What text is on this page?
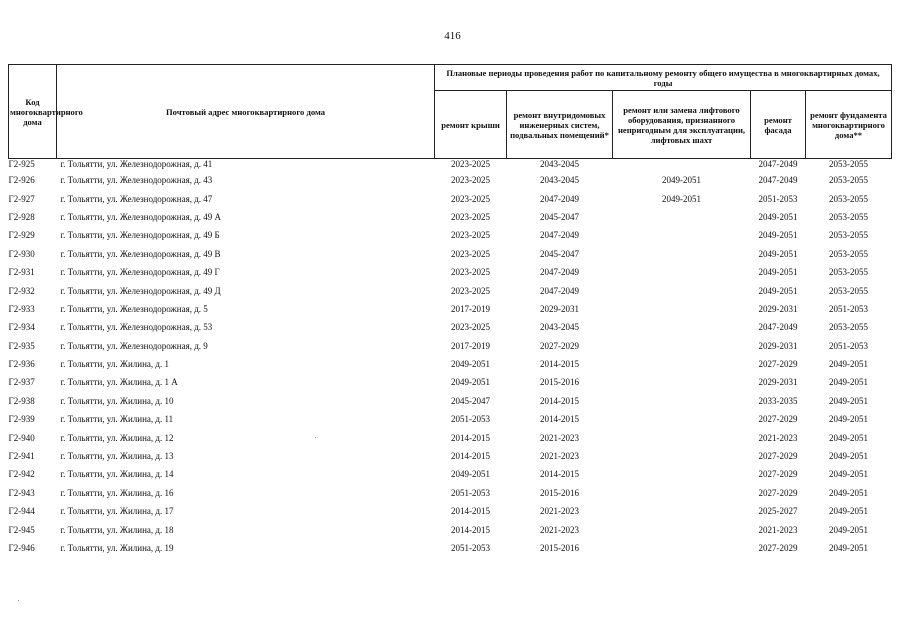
416
Код многоквартирного дома	Почтовый адрес многоквартирного дома	Плановые периоды проведения работ по капитальному ремонту общего имущества в многоквартирных домах, годы				
		ремонт крыши	ремонт внутридомовых инженерных систем, подвальных помещений*	ремонт или замена лифтового оборудования, признанного непригодным для эксплуатации, лифтовых шахт	ремонт фасада	ремонт фундамента многоквартирного дома**
Г2-925	г. Тольятти, ул. Железнодорожная, д. 41	2023-2025	2043-2045		2047-2049	2053-2055
Г2-926	г. Тольятти, ул. Железнодорожная, д. 43	2023-2025	2043-2045	2049-2051	2047-2049	2053-2055
Г2-927	г. Тольятти, ул. Железнодорожная, д. 47	2023-2025	2047-2049	2049-2051	2051-2053	2053-2055
Г2-928	г. Тольятти, ул. Железнодорожная, д. 49 А	2023-2025	2045-2047		2049-2051	2053-2055
Г2-929	г. Тольятти, ул. Железнодорожная, д. 49 Б	2023-2025	2047-2049		2049-2051	2053-2055
Г2-930	г. Тольятти, ул. Железнодорожная, д. 49 В	2023-2025	2045-2047		2049-2051	2053-2055
Г2-931	г. Тольятти, ул. Железнодорожная, д. 49 Г	2023-2025	2047-2049		2049-2051	2053-2055
Г2-932	г. Тольятти, ул. Железнодорожная, д. 49 Д	2023-2025	2047-2049		2049-2051	2053-2055
Г2-933	г. Тольятти, ул. Железнодорожная, д. 5	2017-2019	2029-2031		2029-2031	2051-2053
Г2-934	г. Тольятти, ул. Железнодорожная, д. 53	2023-2025	2043-2045		2047-2049	2053-2055
Г2-935	г. Тольятти, ул. Железнодорожная, д. 9	2017-2019	2027-2029		2029-2031	2051-2053
Г2-936	г. Тольятти, ул. Жилина, д. 1	2049-2051	2014-2015		2027-2029	2049-2051
Г2-937	г. Тольятти, ул. Жилина, д. 1 А	2049-2051	2015-2016		2029-2031	2049-2051
Г2-938	г. Тольятти, ул. Жилина, д. 10	2045-2047	2014-2015		2033-2035	2049-2051
Г2-939	г. Тольятти, ул. Жилина, д. 11	2051-2053	2014-2015		2027-2029	2049-2051
Г2-940	г. Тольятти, ул. Жилина, д. 12	2014-2015	2021-2023		2021-2023	2049-2051
Г2-941	г. Тольятти, ул. Жилина, д. 13	2014-2015	2021-2023		2027-2029	2049-2051
Г2-942	г. Тольятти, ул. Жилина, д. 14	2049-2051	2014-2015		2027-2029	2049-2051
Г2-943	г. Тольятти, ул. Жилина, д. 16	2051-2053	2015-2016		2027-2029	2049-2051
Г2-944	г. Тольятти, ул. Жилина, д. 17	2014-2015	2021-2023		2025-2027	2049-2051
Г2-945	г. Тольятти, ул. Жилина, д. 18	2014-2015	2021-2023		2021-2023	2049-2051
Г2-946	г. Тольятти, ул. Жилина, д. 19	2051-2053	2015-2016		2027-2029	2049-2051
